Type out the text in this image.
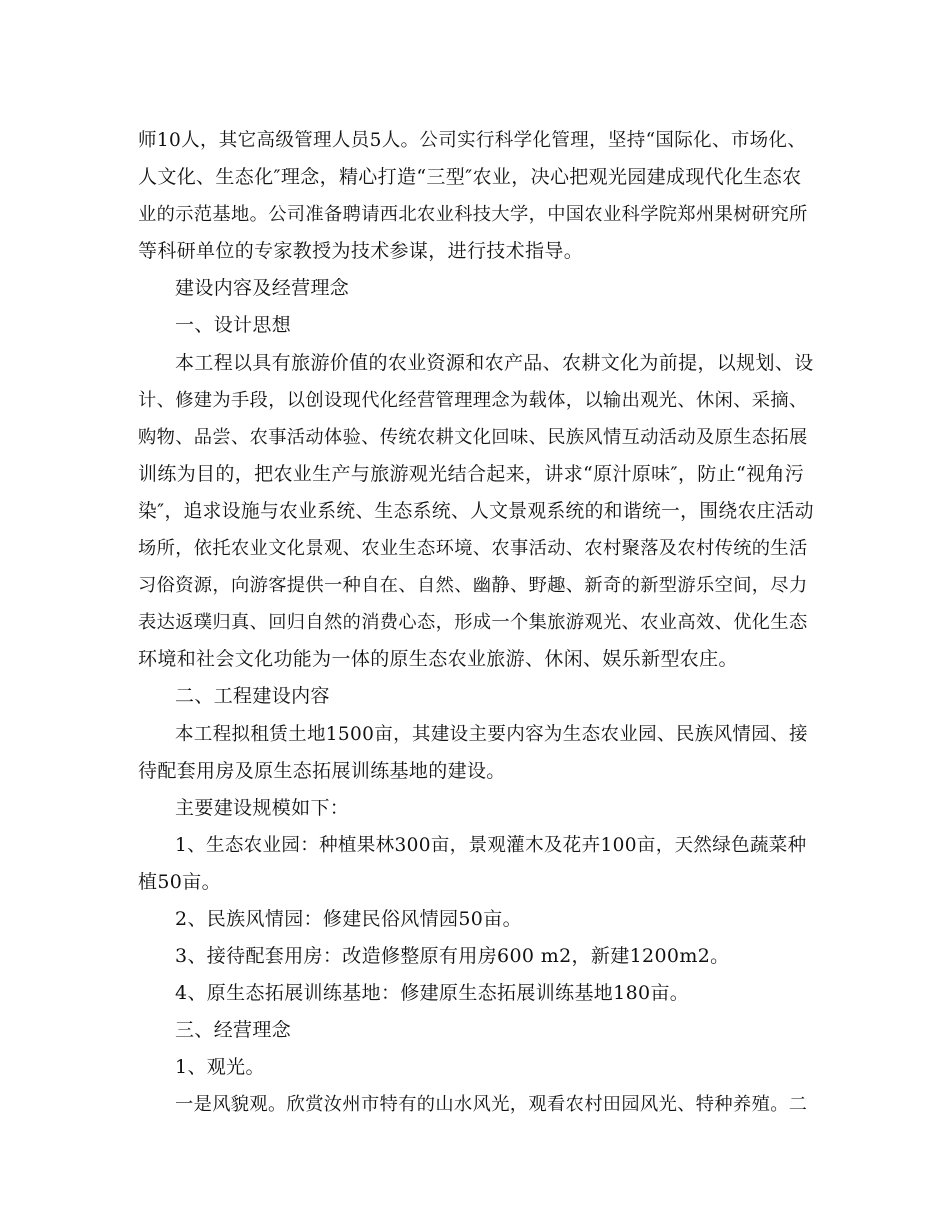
师10人，其它高级管理人员5人。公司实行科学化管理，坚持“国际化、市场化、
人文化、生态化″理念，精心打造“三型″农业，决心把观光园建成现代化生态农
业的示范基地。公司准备聘请西北农业科技大学，中国农业科学院郑州果树研究所
等科研单位的专家教授为技术参谋，进行技术指导。
建设内容及经营理念
一、设计思想
本工程以具有旅游价值的农业资源和农产品、农耕文化为前提，以规划、设
计、修建为手段，以创设现代化经营管理理念为载体，以输出观光、休闲、采摘、
购物、品尝、农事活动体验、传统农耕文化回味、民族风情互动活动及原生态拓展
训练为目的，把农业生产与旅游观光结合起来，讲求“原汁原味″，防止“视角污
染″，追求设施与农业系统、生态系统、人文景观系统的和谐统一，围绕农庄活动
场所，依托农业文化景观、农业生态环境、农事活动、农村聚落及农村传统的生活
习俗资源，向游客提供一种自在、自然、幽静、野趣、新奇的新型游乐空间，尽力
表达返璞归真、回归自然的消费心态，形成一个集旅游观光、农业高效、优化生态
环境和社会文化功能为一体的原生态农业旅游、休闲、娱乐新型农庄。
二、工程建设内容
本工程拟租赁土地1500亩，其建设主要内容为生态农业园、民族风情园、接
待配套用房及原生态拓展训练基地的建设。
主要建设规模如下：
1、生态农业园：种植果林300亩，景观灌木及花卉100亩，天然绿色蔬菜种
植50亩。
2、民族风情园：修建民俗风情园50亩。
3、接待配套用房：改造修整原有用房600 m2，新建1200m2。
4、原生态拓展训练基地：修建原生态拓展训练基地180亩。
三、经营理念
1、观光。
一是风貌观。欣赏汝州市特有的山水风光，观看农村田园风光、特种养殖。二
